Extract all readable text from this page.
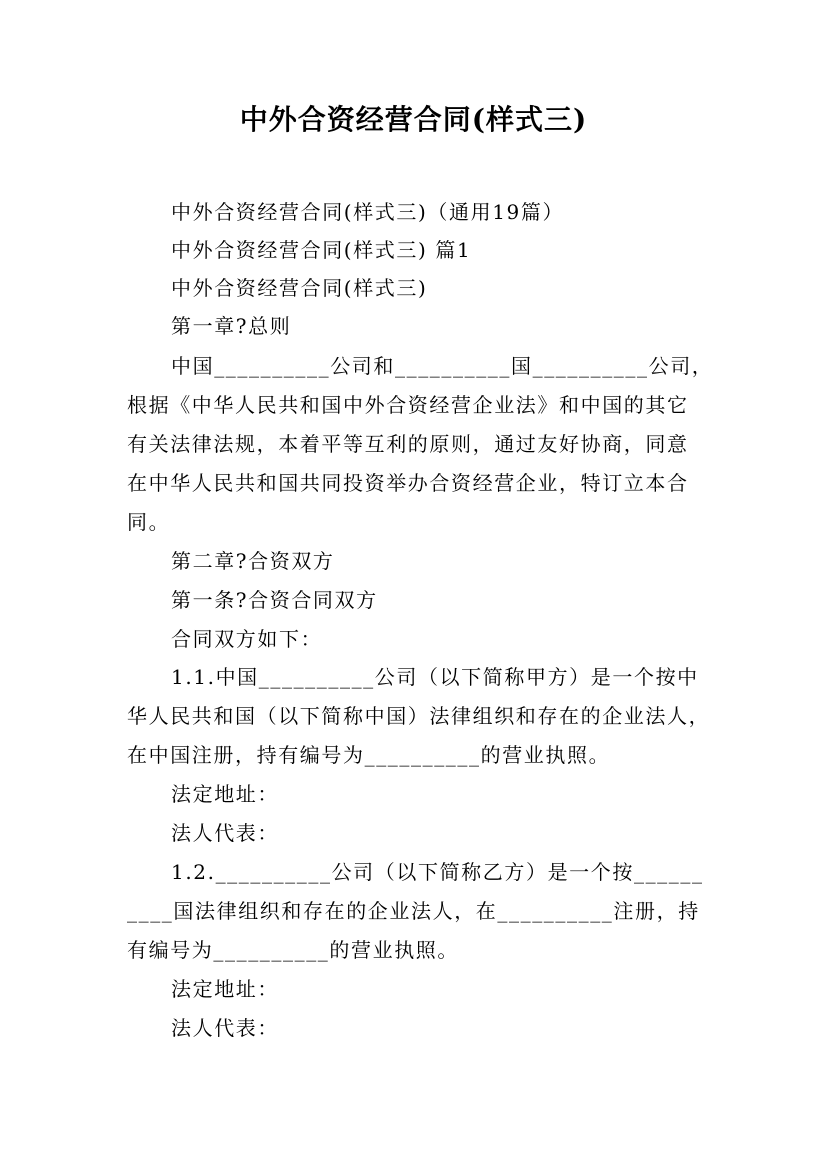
中外合资经营合同(样式三)
中外合资经营合同(样式三)（通用19篇）
中外合资经营合同(样式三) 篇1
中外合资经营合同(样式三)
第一章?总则
中国__________公司和__________国__________公司，
根据《中华人民共和国中外合资经营企业法》和中国的其它
有关法律法规，本着平等互利的原则，通过友好协商，同意
在中华人民共和国共同投资举办合资经营企业，特订立本合
同。
第二章?合资双方
第一条?合资合同双方
合同双方如下：
1.1.中国__________公司（以下简称甲方）是一个按中
华人民共和国（以下简称中国）法律组织和存在的企业法人，
在中国注册，持有编号为__________的营业执照。
法定地址：
法人代表：
1.2.__________公司（以下简称乙方）是一个按______
____国法律组织和存在的企业法人，在__________注册，持
有编号为__________的营业执照。
法定地址：
法人代表：
